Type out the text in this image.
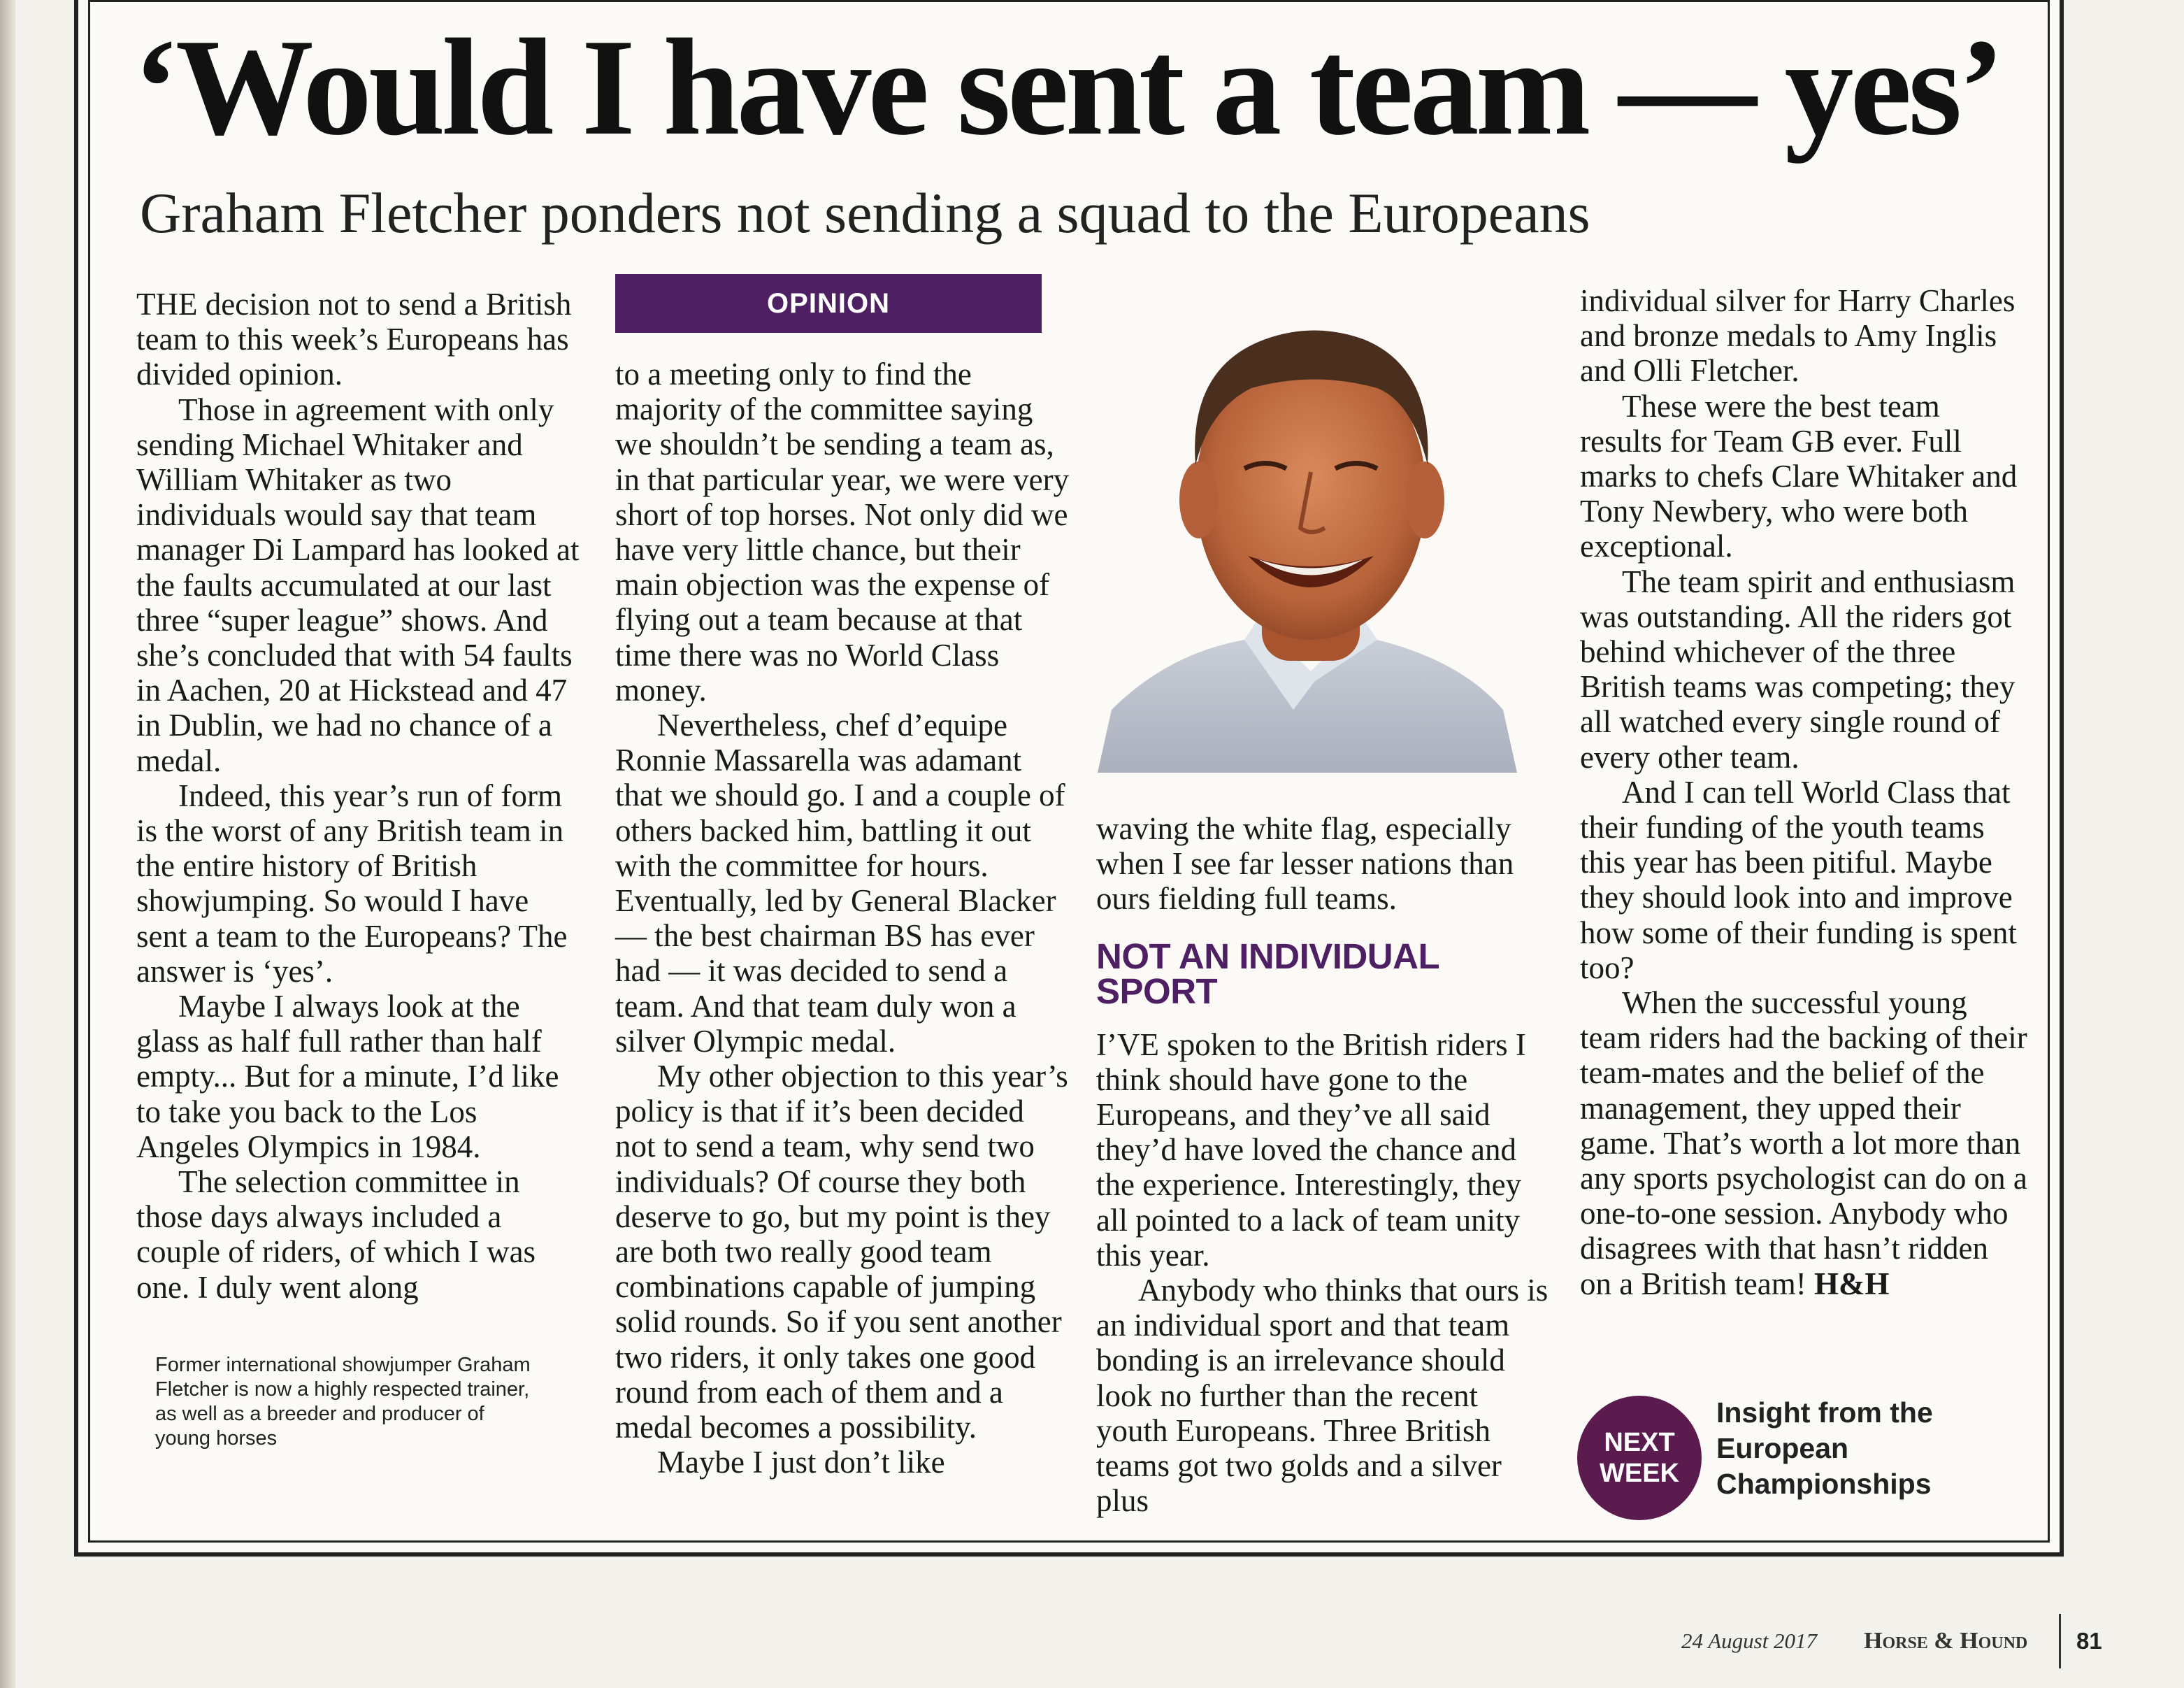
‘Would I have sent a team — yes’
Graham Fletcher ponders not sending a squad to the Europeans

THE decision not to send a British team to this week’s Europeans has divided opinion.

Those in agreement with only sending Michael Whitaker and William Whitaker as two individuals would say that team manager Di Lampard has looked at the faults accumulated at our last three “super league” shows. And she’s concluded that with 54 faults in Aachen, 20 at Hickstead and 47 in Dublin, we had no chance of a medal.

Indeed, this year’s run of form is the worst of any British team in the entire history of British showjumping. So would I have sent a team to the Europeans? The answer is ‘yes’.

Maybe I always look at the glass as half full rather than half empty... But for a minute, I’d like to take you back to the Los Angeles Olympics in 1984.

The selection committee in those days always included a couple of riders, of which I was one. I duly went along

Former international showjumper Graham Fletcher is now a highly respected trainer, as well as a breeder and producer of young horses
OPINION

to a meeting only to find the majority of the committee saying we shouldn’t be sending a team as, in that particular year, we were very short of top horses. Not only did we have very little chance, but their main objection was the expense of flying out a team because at that time there was no World Class money.

Nevertheless, chef d’equipe Ronnie Massarella was adamant that we should go. I and a couple of others backed him, battling it out with the committee for hours. Eventually, led by General Blacker — the best chairman BS has ever had — it was decided to send a team. And that team duly won a silver Olympic medal.

My other objection to this year’s policy is that if it’s been decided not to send a team, why send two individuals? Of course they both deserve to go, but my point is they are both two really good team combinations capable of jumping solid rounds. So if you sent another two riders, it only takes one good round from each of them and a medal becomes a possibility.

Maybe I just don’t like

waving the white flag, especially when I see far lesser nations than ours fielding full teams.

NOT AN INDIVIDUAL SPORT

I’VE spoken to the British riders I think should have gone to the Europeans, and they’ve all said they’d have loved the chance and the experience. Interestingly, they all pointed to a lack of team unity this year.

Anybody who thinks that ours is an individual sport and that team bonding is an irrelevance should look no further than the recent youth Europeans. Three British teams got two golds and a silver plus

individual silver for Harry Charles and bronze medals to Amy Inglis and Olli Fletcher.

These were the best team results for Team GB ever. Full marks to chefs Clare Whitaker and Tony Newbery, who were both exceptional.

The team spirit and enthusiasm was outstanding. All the riders got behind whichever of the three British teams was competing; they all watched every single round of every other team.

And I can tell World Class that their funding of the youth teams this year has been pitiful. Maybe they should look into and improve how some of their funding is spent too?

When the successful young team riders had the backing of their team-mates and the belief of the management, they upped their game. That’s worth a lot more than any sports psychologist can do on a one-to-one session. Anybody who disagrees with that hasn’t ridden on a British team! H&H

NEXT
WEEK
Insight from the European Championships
24 August 2017 Horse & Hound 81
